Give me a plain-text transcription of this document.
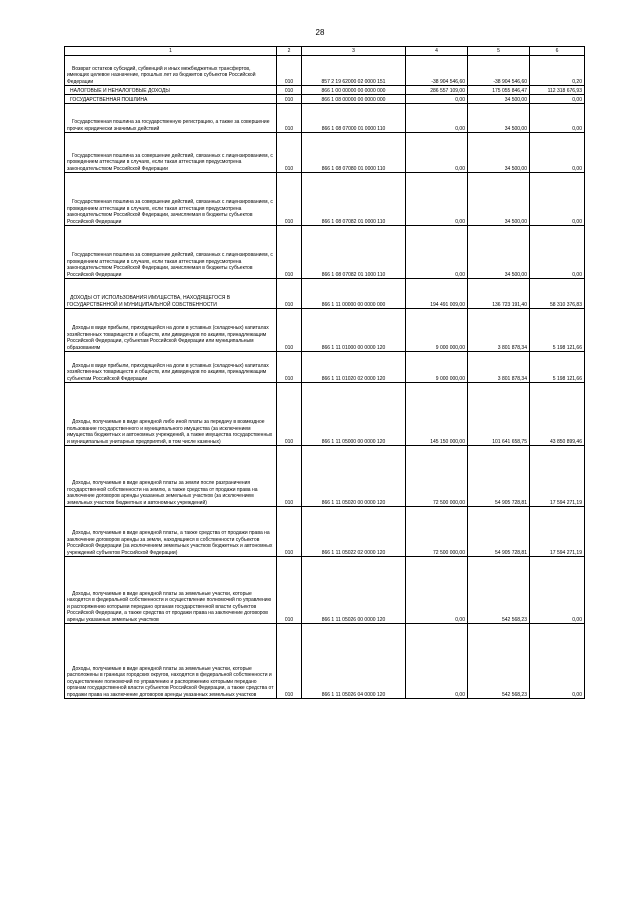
28
1	2	3	4	5	6
Возврат остатков субсидий, субвенций и иных межбюджетных трансфертов, имеющих целевое назначение, прошлых лет из бюджетов субъектов Российской Федерации	010	857 2 19 62000 02 0000 151	-38 904 546,60	-38 904 546,60	0,20
НАЛОГОВЫЕ И НЕНАЛОГОВЫЕ ДОХОДЫ	010	866 1 00 00000 00 0000 000	286 557 109,00	175 055 846,47	112 318 676,93
ГОСУДАРСТВЕННАЯ ПОШЛИНА	010	866 1 08 00000 00 0000 000	0,00	34 500,00	0,00
Государственная пошлина за государственную регистрацию, а также за совершение прочих юридически значимых действий	010	866 1 08 07000 01 0000 110	0,00	34 500,00	0,00
Государственная пошлина за совершение действий, связанных с лицензированием, с проведением аттестации в случаях, если такая аттестация предусмотрена законодательством Российской Федерации	010	866 1 08 07080 01 0000 110	0,00	34 500,00	0,00
Государственная пошлина за совершение действий, связанных с лицензированием, с проведением аттестации в случаях, если такая аттестация предусмотрена законодательством Российской Федерации, зачисляемая в бюджеты субъектов Российской Федерации	010	866 1 08 07082 01 0000 110	0,00	34 500,00	0,00
Государственная пошлина за совершение действий, связанных с лицензированием, с проведением аттестации в случаях, если такая аттестация предусмотрена законодательством Российской Федерации, зачисляемая в бюджеты субъектов Российской Федерации	010	866 1 08 07082 01 1000 110	0,00	34 500,00	0,00
ДОХОДЫ ОТ ИСПОЛЬЗОВАНИЯ ИМУЩЕСТВА, НАХОДЯЩЕГОСЯ В ГОСУДАРСТВЕННОЙ И МУНИЦИПАЛЬНОЙ СОБСТВЕННОСТИ	010	866 1 11 00000 00 0000 000	194 491 009,00	136 723 191,40	58 310 376,83
Доходы в виде прибыли, приходящейся на доли в уставных (складочных) капиталах хозяйственных товариществ и обществ, или дивидендов по акциям, принадлежащим Российской Федерации, субъектам Российской Федерации или муниципальным образованиям	010	866 1 11 01000 00 0000 120	9 000 000,00	3 801 878,34	5 198 121,66
Доходы в виде прибыли, приходящейся на доли в уставных (складочных) капиталах хозяйственных товариществ и обществ, или дивидендов по акциям, принадлежащим субъектам Российской Федерации	010	866 1 11 01020 02 0000 120	9 000 000,00	3 801 878,34	5 198 121,66
Доходы, получаемые в виде арендной либо иной платы за передачу в возмездное пользование государственного и муниципального имущества (за исключением имущества бюджетных и автономных учреждений, а также имущества государственных и муниципальных унитарных предприятий, в том числе казенных)	010	866 1 11 05000 00 0000 120	145 150 000,00	101 641 658,75	43 850 899,46
Доходы, получаемые в виде арендной платы за земли после разграничения государственной собственности на землю, а также средства от продажи права на заключение договоров аренды указанных земельных участков (за исключением земельных участков бюджетных и автономных учреждений)	010	866 1 11 05020 00 0000 120	72 500 000,00	54 905 728,81	17 594 271,19
Доходы, получаемые в виде арендной платы, а также средства от продажи права на заключение договоров аренды за земли, находящиеся в собственности субъектов Российской Федерации (за исключением земельных участков бюджетных и автономных учреждений субъектов Российской Федерации)	010	866 1 11 05022 02 0000 120	72 500 000,00	54 905 728,81	17 594 271,19
Доходы, получаемые в виде арендной платы за земельные участки, которые находятся в федеральной собственности и осуществление полномочий по управлению и распоряжению которыми передано органам государственной власти субъектов Российской Федерации, а также средства от продажи права на заключение договоров аренды указанных земельных участков	010	866 1 11 05026 00 0000 120	0,00	542 568,23	0,00
Доходы, получаемые в виде арендной платы за земельные участки, которые расположены в границах городских округов, находятся в федеральной собственности и осуществление полномочий по управлению и распоряжению которыми передано органам государственной власти субъектов Российской Федерации, а также средства от продажи права на заключение договоров аренды указанных земельных участков	010	866 1 11 05026 04 0000 120	0,00	542 568,23	0,00
